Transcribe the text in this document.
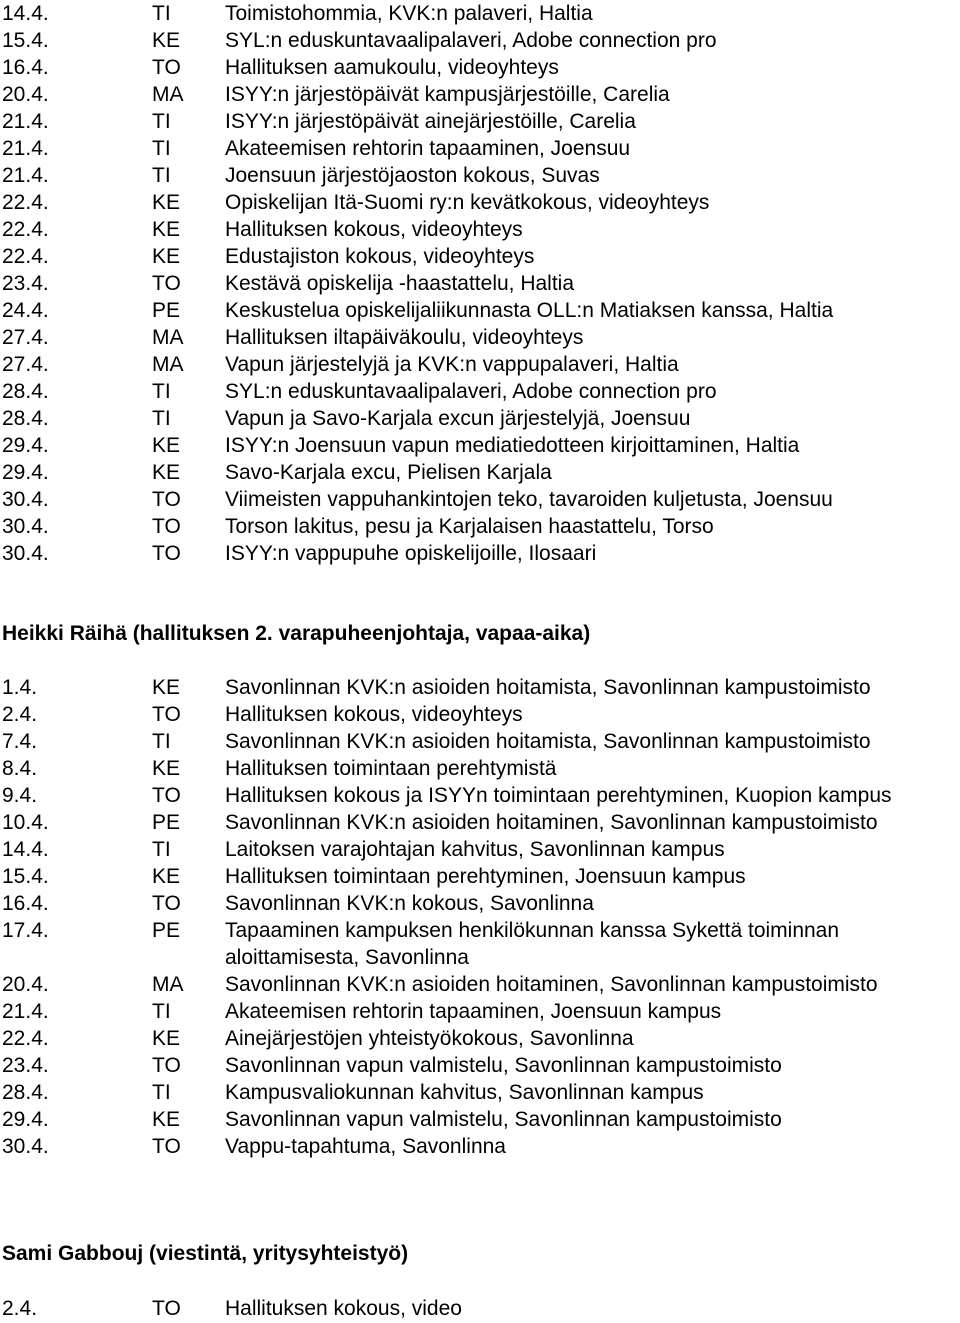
14.4.	TI	Toimistohommia, KVK:n palaveri, Haltia
15.4.	KE SYL:n eduskuntavaalipalaveri, Adobe connection pro
16.4.	TO Hallituksen aamukoulu, videoyhteys
20.4.	MA ISYY:n järjestöpäivät kampusjärjestöille, Carelia
21.4.	TI	ISYY:n järjestöpäivät ainejärjestöille, Carelia
21.4.	TI	Akateemisen rehtorin tapaaminen, Joensuu
21.4.	TI	Joensuun järjestöjaoston kokous, Suvas
22.4.	KE Opiskelijan Itä-Suomi ry:n kevätkokous, videoyhteys
22.4.	KE Hallituksen kokous, videoyhteys
22.4.	KE Edustajiston kokous, videoyhteys
23.4.	TO Kestävä opiskelija -haastattelu, Haltia
24.4.	PE Keskustelua opiskelijaliikunnasta OLL:n Matiaksen kanssa, Haltia
27.4.	MA Hallituksen iltapäiväkoulu, videoyhteys
27.4.	MA Vapun järjestelyjä ja KVK:n vappupalaveri, Haltia
28.4.	TI	SYL:n eduskuntavaalipalaveri, Adobe connection pro
28.4.	TI	Vapun ja Savo-Karjala excun järjestelyjä, Joensuu
29.4.	KE ISYY:n Joensuun vapun mediatiedotteen kirjoittaminen, Haltia
29.4.	KE Savo-Karjala excu, Pielisen Karjala
30.4.	TO Viimeisten vappuhankintojen teko, tavaroiden kuljetusta, Joensuu
30.4.	TO Torson lakitus, pesu ja Karjalaisen haastattelu, Torso
30.4.	TO ISYY:n vappupuhe opiskelijoille, Ilosaari
Heikki Räihä (hallituksen 2. varapuheenjohtaja, vapaa-aika)
1.4.	KE Savonlinnan KVK:n asioiden hoitamista, Savonlinnan kampustoimisto
2.4.	TO Hallituksen kokous, videoyhteys
7.4.	TI	Savonlinnan KVK:n asioiden hoitamista, Savonlinnan kampustoimisto
8.4.	KE Hallituksen toimintaan perehtymistä
9.4.	TO Hallituksen kokous ja ISYYn toimintaan perehtyminen, Kuopion kampus
10.4.	PE Savonlinnan KVK:n asioiden hoitaminen, Savonlinnan kampustoimisto
14.4.	TI	Laitoksen varajohtajan kahvitus, Savonlinnan kampus
15.4.	KE Hallituksen toimintaan perehtyminen, Joensuun kampus
16.4.	TO Savonlinnan KVK:n kokous, Savonlinna
17.4.	PE Tapaaminen kampuksen henkilökunnan kanssa Sykettä toiminnan aloittamisesta, Savonlinna
20.4.	MA Savonlinnan KVK:n asioiden hoitaminen, Savonlinnan kampustoimisto
21.4.	TI	Akateemisen rehtorin tapaaminen, Joensuun kampus
22.4.	KE Ainejärjestöjen yhteistyökokous, Savonlinna
23.4.	TO Savonlinnan vapun valmistelu, Savonlinnan kampustoimisto
28.4.	TI	Kampusvaliokunnan kahvitus, Savonlinnan kampus
29.4.	KE Savonlinnan vapun valmistelu, Savonlinnan kampustoimisto
30.4.	TO Vappu-tapahtuma, Savonlinna
Sami Gabbouj (viestintä, yritysyhteistyö)
2.4.	TO Hallituksen kokous, video
